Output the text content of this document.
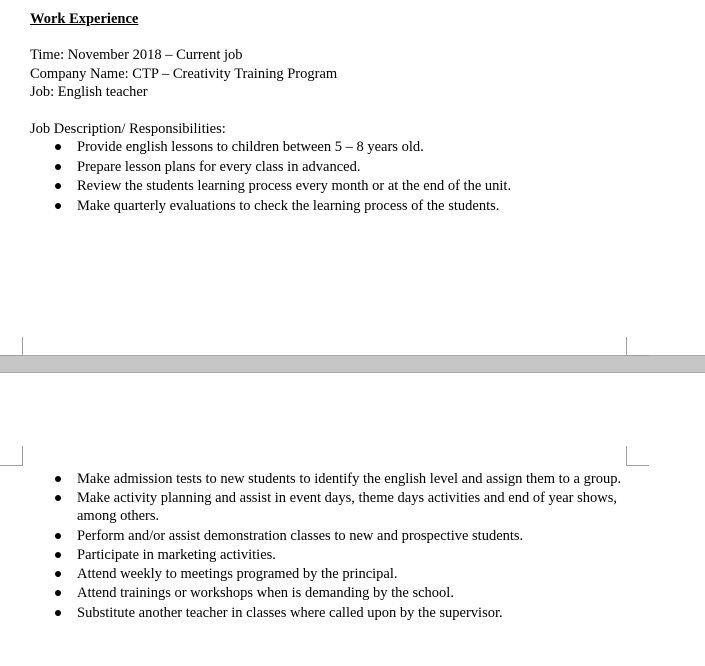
Work Experience
Time: November 2018 – Current job
Company Name: CTP – Creativity Training Program
Job: English teacher
Job Description/ Responsibilities:
Provide english lessons to children between 5 – 8 years old.
Prepare lesson plans for every class in advanced.
Review the students learning process every month or at the end of the unit.
Make quarterly evaluations to check the learning process of the students.
Make admission tests to new students to identify the english level and assign them to a group.
Make activity planning and assist in event days, theme days activities and end of year shows, among others.
Perform and/or assist demonstration classes to new and prospective students.
Participate in marketing activities.
Attend weekly to meetings programed by the principal.
Attend trainings or workshops when is demanding by the school.
Substitute another teacher in classes where called upon by the supervisor.
